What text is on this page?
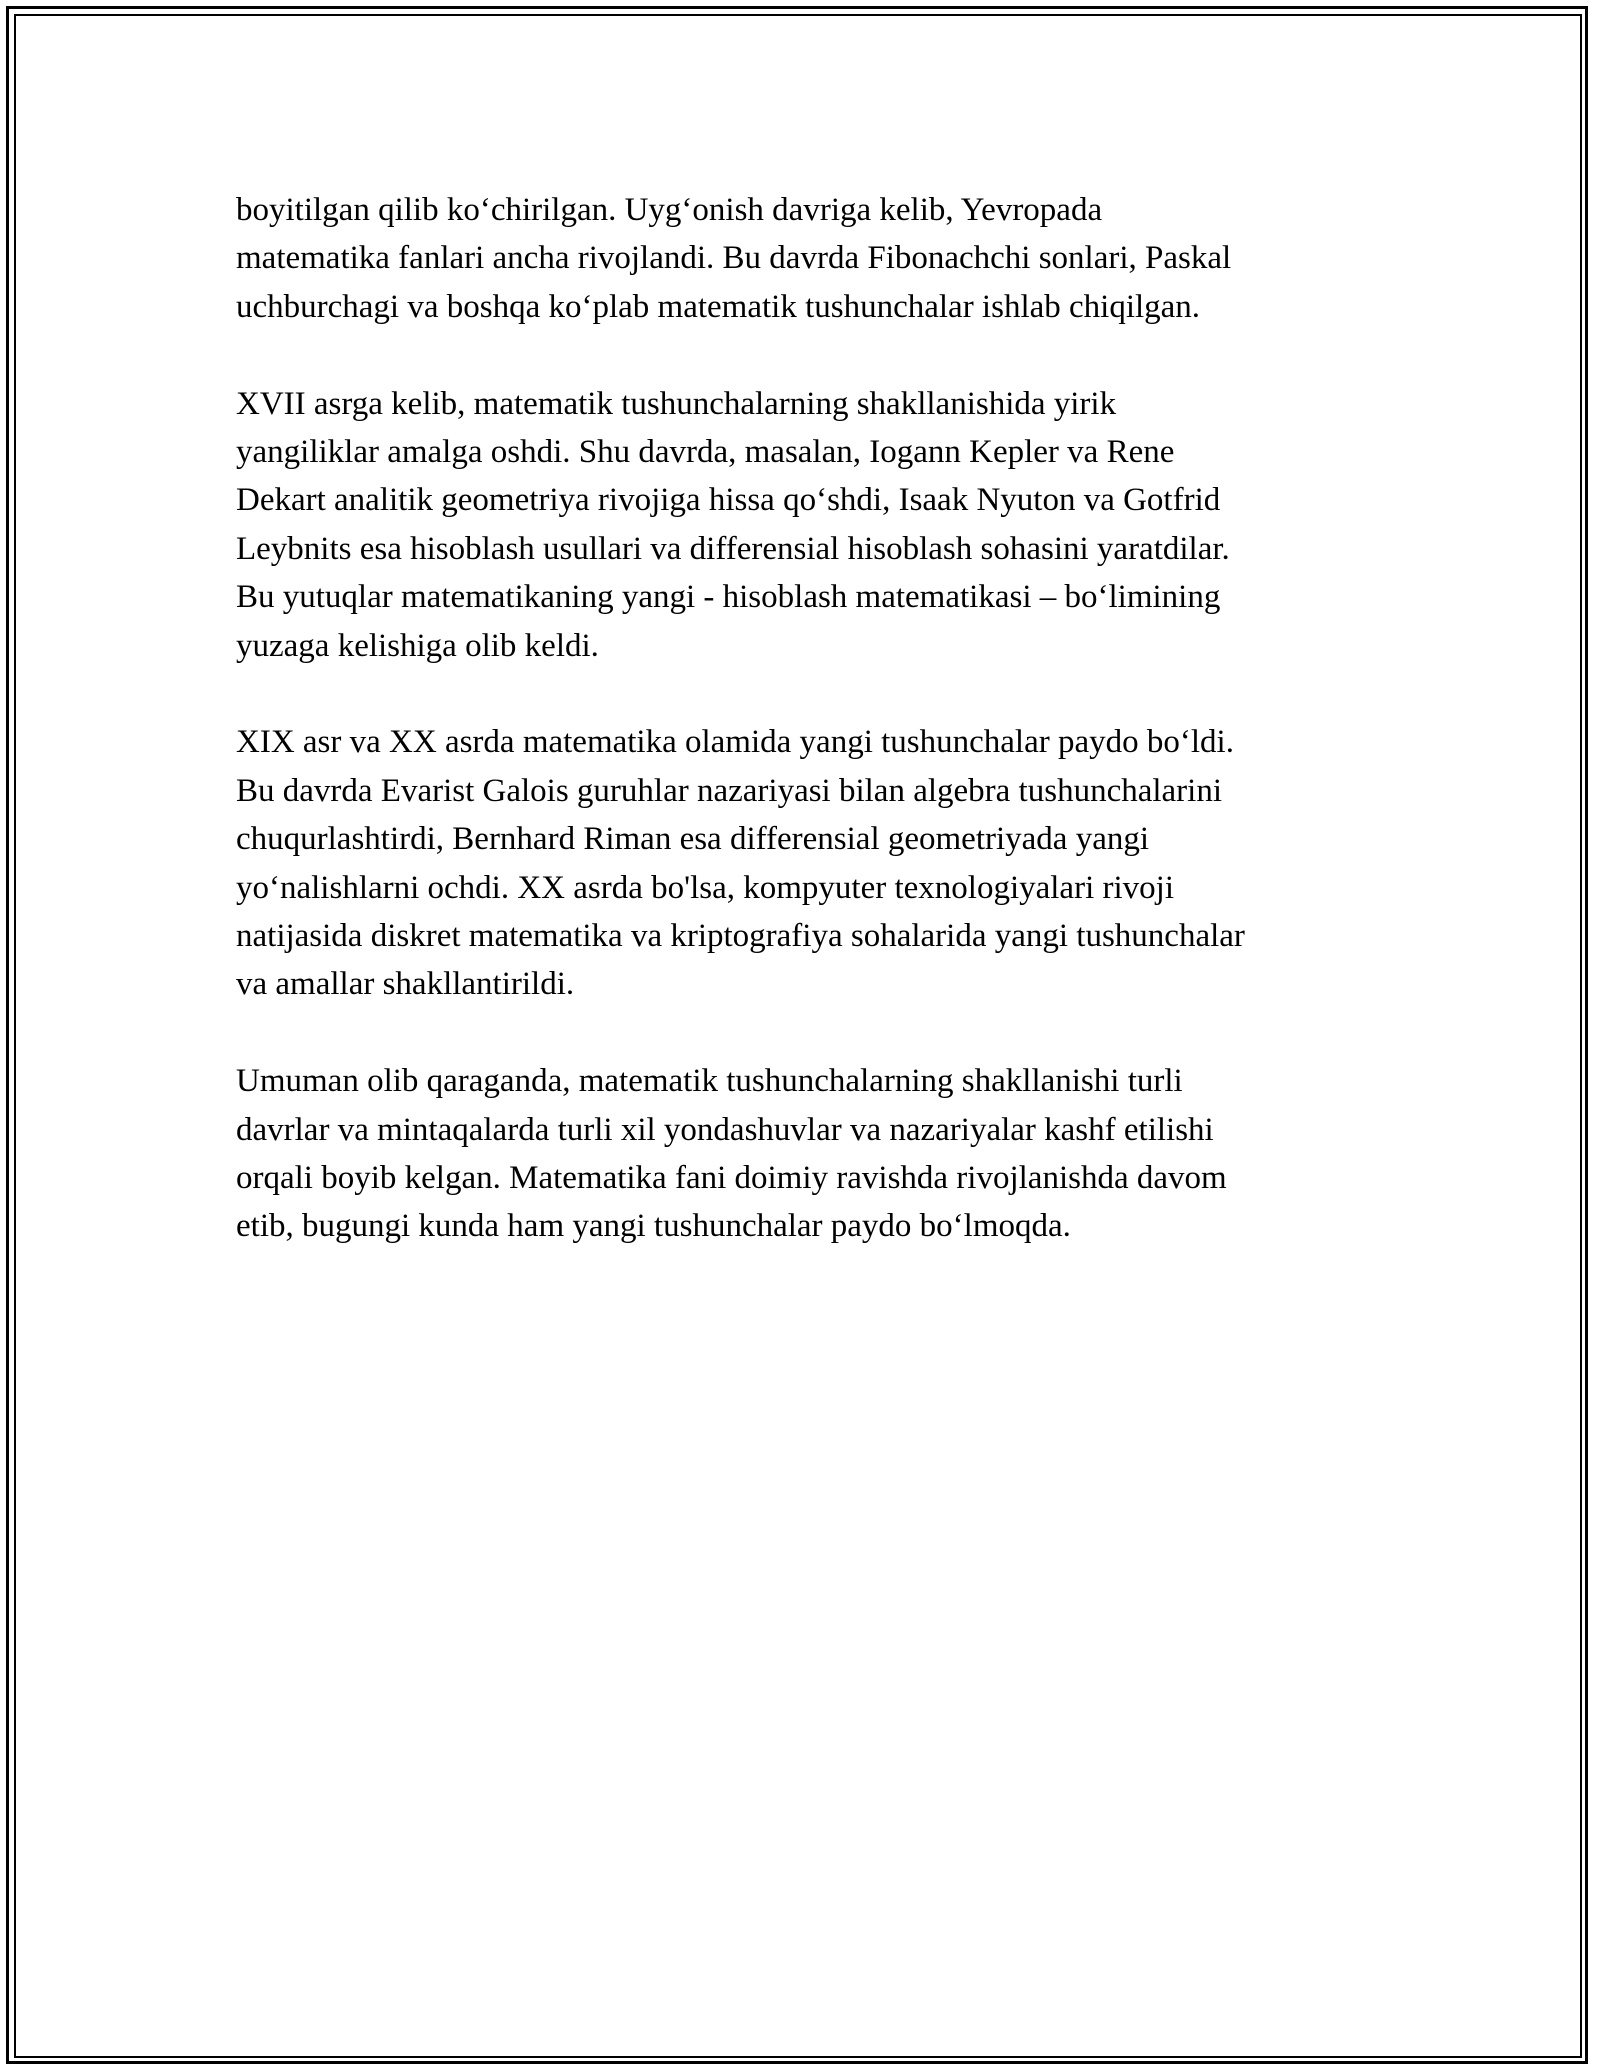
boyitilgan qilib ko‘chirilgan. Uyg‘onish davriga kelib, Yevropada
matematika fanlari ancha rivojlandi. Bu davrda Fibonachchi sonlari, Paskal
uchburchagi va boshqa ko‘plab matematik tushunchalar ishlab chiqilgan.

XVII asrga kelib, matematik tushunchalarning shakllanishida yirik
yangiliklar amalga oshdi. Shu davrda, masalan, Iogann Kepler va Rene
Dekart analitik geometriya rivojiga hissa qo‘shdi, Isaak Nyuton va Gotfrid
Leybnits esa hisoblash usullari va differensial hisoblash sohasini yaratdilar.
Bu yutuqlar matematikaning yangi - hisoblash matematikasi – bo‘limining
yuzaga kelishiga olib keldi.

XIX asr va XX asrda matematika olamida yangi tushunchalar paydo bo‘ldi.
Bu davrda Evarist Galois guruhlar nazariyasi bilan algebra tushunchalarini
chuqurlashtirdi, Bernhard Riman esa differensial geometriyada yangi
yo‘nalishlarni ochdi. XX asrda bo'lsa, kompyuter texnologiyalari rivoji
natijasida diskret matematika va kriptografiya sohalarida yangi tushunchalar
va amallar shakllantirildi.

Umuman olib qaraganda, matematik tushunchalarning shakllanishi turli
davrlar va mintaqalarda turli xil yondashuvlar va nazariyalar kashf etilishi
orqali boyib kelgan. Matematika fani doimiy ravishda rivojlanishda davom
etib, bugungi kunda ham yangi tushunchalar paydo bo‘lmoqda.
